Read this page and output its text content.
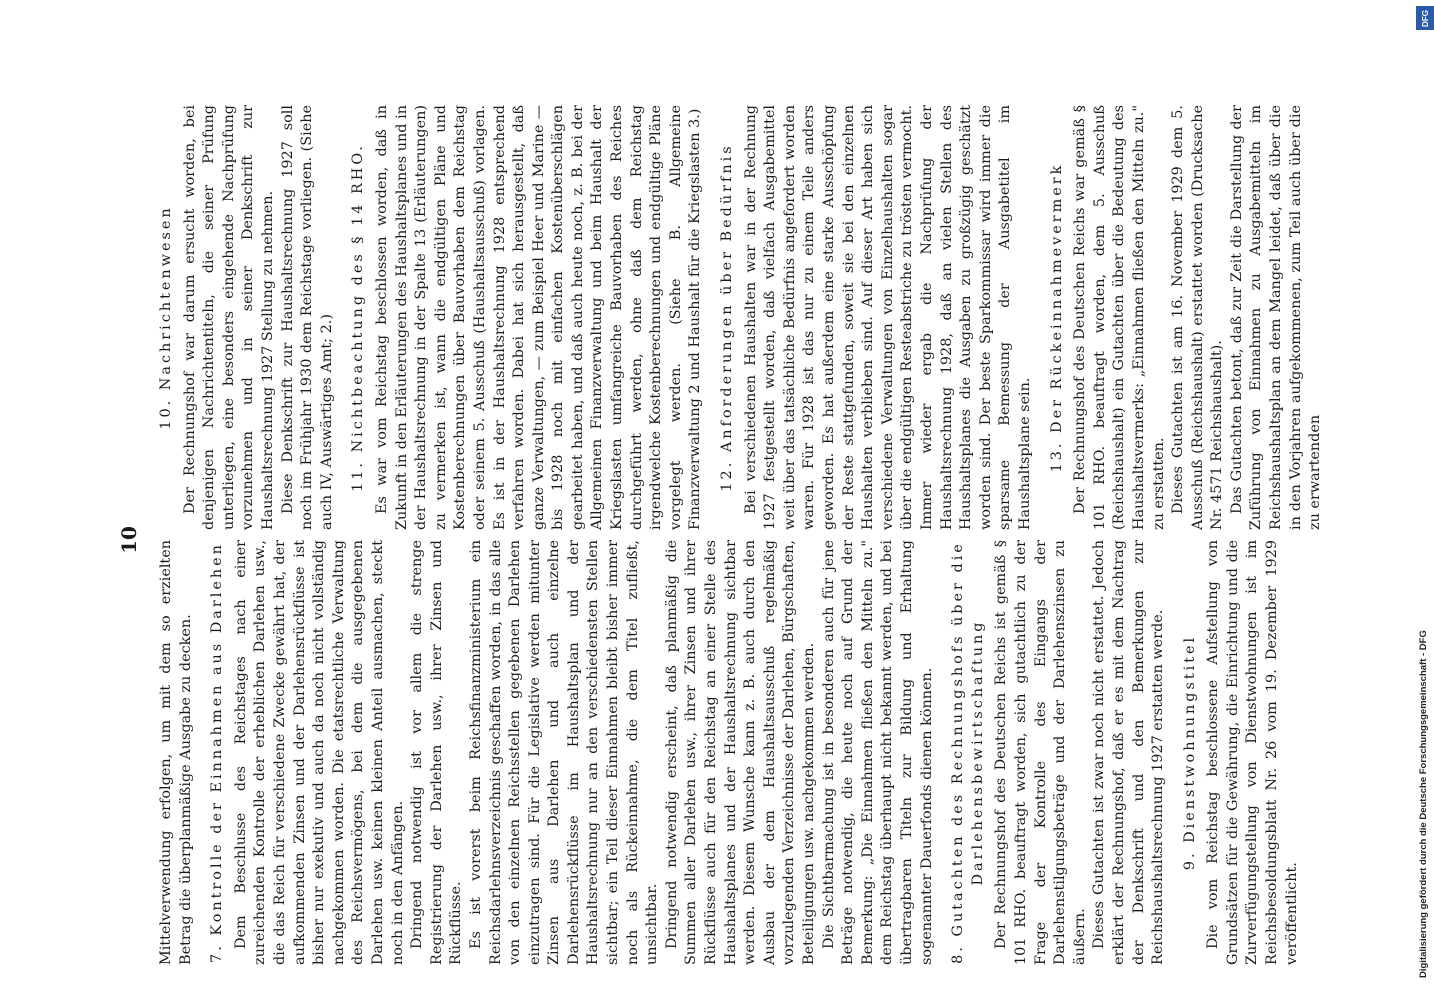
10 Mittelverwendung erfolgen, um mit dem so erzielten Betrag die überplanmäßige Ausgabe zu decken. 7. Kontrolle der Einnahmen aus Darlehen Dem Beschlusse des Reichstages nach einer zureichenden Kontrolle der erheblichen Darlehen usw., die das Reich für verschiedene Zwecke gewährt hat, der aufkommenden Zinsen und der Darlehensrückflüsse ist bisher nur exekutiv und auch da noch nicht vollständig nachgekommen worden. Die etatsrechtliche Verwaltung des Reichsvermögens, bei dem die ausgegebenen Darlehen usw. keinen kleinen Anteil ausmachen, steckt noch in den Anfängen. Dringend notwendig ist vor allem die strenge Registrierung der Darlehen usw., ihrer Zinsen und Rückflüsse. Es ist vorerst beim Reichsfinanzministerium ein Reichsdarlehnsverzeichnis geschaffen worden, in das alle von den einzelnen Reichsstellen gegebenen Darlehen einzutragen sind. Für die Legislative werden mitunter Zinsen aus Darlehen und auch einzelne Darlehensrückflüsse im Haushaltsplan und der Haushaltsrechnung nur an den verschiedensten Stellen sichtbar; ein Teil dieser Einnahmen bleibt bisher immer noch als Rückeinnahme, die dem Titel zufließt, unsichtbar. Dringend notwendig erscheint, daß planmäßig die Summen aller Darlehen usw., ihrer Zinsen und ihrer Rückflüsse auch für den Reichstag an einer Stelle des Haushaltsplanes und der Haushaltsrechnung sichtbar werden. Diesem Wunsche kann z. B. auch durch den Ausbau der dem Haushaltsausschuß regelmäßig vorzulegenden Verzeichnisse der Darlehen, Bürgschaften, Beteiligungen usw. nachgekommen werden. Die Sichtbarmachung ist in besonderen auch für jene Beträge notwendig, die heute noch auf Grund der Bemerkung: „Die Einnahmen fließen den Mitteln zu." dem Reichstag überhaupt nicht bekannt werden, und bei übertragbaren Titeln zur Bildung und Erhaltung sogenannter Dauerfonds dienen können. 8. Gutachten des Rechnungshofs über die Darlehensbewirtschaftung Der Rechnungshof des Deutschen Reichs ist gemäß § 101 RHO. beauftragt worden, sich gutachtlich zu der Frage der Kontrolle des Eingangs der Darlehenstilgungsbeträge und der Darlehenszinsen zu äußern. Dieses Gutachten ist zwar noch nicht erstattet. Jedoch erklärt der Rechnungshof, daß er es mit dem Nachtrag der Denkschrift und den Bemerkungen zur Reichshaushaltsrechnung 1927 erstatten werde. 9. Dienstwohnungstitel Die vom Reichstag beschlossene Aufstellung von Grundsätzen für die Gewährung, die Einrichtung und die Zurverfügungstellung von Dienstwohnungen ist im Reichsbesoldungsblatt Nr. 26 vom 19. Dezember 1929 veröffentlicht.

10. Nachrichtenwesen Der Rechnungshof war darum ersucht worden, bei denjenigen Nachrichtentiteln, die seiner Prüfung unterliegen, eine besonders eingehende Nachprüfung vorzunehmen und in seiner Denkschrift zur Haushaltsrechnung 1927 Stellung zu nehmen. Diese Denkschrift zur Haushaltsrechnung 1927 soll noch im Frühjahr 1930 dem Reichstage vorliegen. (Siehe auch IV, Auswärtiges Amt; 2.) 11. Nichtbeachtung des § 14 RHO. Es war vom Reichstag beschlossen worden, daß in Zukunft in den Erläuterungen des Haushaltsplanes und in der Haushaltsrechnung in der Spalte 13 (Erläuterungen) zu vermerken ist, wann die endgültigen Pläne und Kostenberechnungen über Bauvorhaben dem Reichstag oder seinem 5. Ausschuß (Haushaltsausschuß) vorlagen. Es ist in der Haushaltsrechnung 1928 entsprechend verfahren worden. Dabei hat sich herausgestellt, daß ganze Verwaltungen, — zum Beispiel Heer und Marine — bis 1928 noch mit einfachen Kostenüberschlägen gearbeitet haben, und daß auch heute noch, z. B. bei der Allgemeinen Finanzverwaltung und beim Haushalt der Kriegslasten umfangreiche Bauvorhaben des Reiches durchgeführt werden, ohne daß dem Reichstag irgendwelche Kostenberechnungen und endgültige Pläne vorgelegt werden. (Siehe B. Allgemeine Finanzverwaltung 2 und Haushalt für die Kriegslasten 3.) 12. Anforderungen über Bedürfnis Bei verschiedenen Haushalten war in der Rechnung 1927 festgestellt worden, daß vielfach Ausgabemittel weit über das tatsächliche Bedürfnis angefordert worden waren. Für 1928 ist das nur zu einem Teile anders geworden. Es hat außerdem eine starke Ausschöpfung der Reste stattgefunden, soweit sie bei den einzelnen Haushalten verblieben sind. Auf dieser Art haben sich verschiedene Verwaltungen von Einzelhaushalten sogar über die endgültigen Resteabstriche zu trösten vermocht. Immer wieder ergab die Nachprüfung der Haushaltsrechnung 1928, daß an vielen Stellen des Haushaltsplanes die Ausgaben zu großzügig geschätzt worden sind. Der beste Sparkommissar wird immer die sparsame Bemessung der Ausgabetitel im Haushaltsplane sein. 13. Der Rückeinnahmevermerk Der Rechnungshof des Deutschen Reichs war gemäß § 101 RHO. beauftragt worden, dem 5. Ausschuß (Reichshaushalt) ein Gutachten über die Bedeutung des Haushaltsvermerks: „Einnahmen fließen den Mitteln zu." zu erstatten. Dieses Gutachten ist am 16. November 1929 dem 5. Ausschuß (Reichshaushalt) erstattet worden (Drucksache Nr. 4571 Reichshaushalt). Das Gutachten betont, daß zur Zeit die Darstellung der Zuführung von Einnahmen zu Ausgabemitteln im Reichshaushaltsplan an dem Mangel leidet, daß über die in den Vorjahren aufgekommenen, zum Teil auch über die zu erwartenden

Digitalisierung gefördert durch die Deutsche Forschungsgemeinschaft - DFG
DFG
